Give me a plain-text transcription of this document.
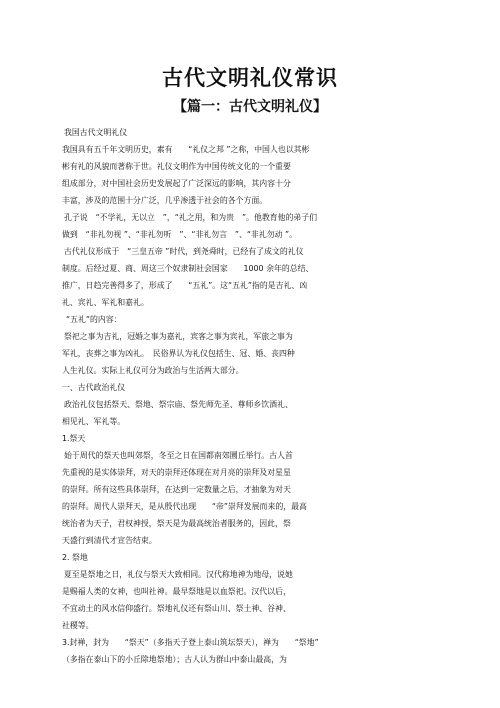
古代文明礼仪常识
【篇一：古代文明礼仪】
我国古代文明礼仪
我国具有五千年文明历史，素有　　“礼仪之邦 ”之称，中国人也以其彬
彬有礼的风貌而著称于世。礼仪文明作为中国传统文化的一个重要
组成部分，对中国社会历史发展起了广泛深远的影响，其内容十分
丰富，涉及的范围十分广泛，几乎渗透于社会的各个方面。
孔子说　“不学礼，无以立　”，“礼之用，和为贵　”。他教育他的弟子们
做到　“非礼勿视 ”、“非礼勿听　”、“非礼勿言　”、“非礼勿动 ”。
古代礼仪形成于　“三皇五帝 ”时代，到尧舜时，已经有了成文的礼仪
制度。后经过夏、商、周这三个奴隶制社会国家　　1000 余年的总结、
推广，日趋完善得多了，形成了　　“五礼”。这“五礼”指的是吉礼、凶
礼、宾礼、军礼和嘉礼。
“五礼”的内容：
祭祀之事为吉礼，冠婚之事为嘉礼，宾客之事为宾礼，军旅之事为
军礼，丧葬之事为凶礼。　民俗界认为礼仪包括生、冠、婚、丧四种
人生礼仪。实际上礼仪可分为政治与生活两大部分。
一、古代政治礼仪
政治礼仪包括祭天、祭地、祭宗庙、祭先师先圣、尊师乡饮酒礼、
相见礼、军礼等。
1.祭天
始于周代的祭天也叫郊祭，冬至之日在国都南郊圜丘举行。古人首
先重视的是实体崇拜，对天的崇拜还体现在对月亮的崇拜及对星星
的崇拜。所有这些具体崇拜，在达到一定数量之后，才抽象为对天
的崇拜。周代人崇拜天，是从殷代出现　　“帝”崇拜发展而来的，最高
统治者为天子，君权神授，祭天是为最高统治者服务的，因此，祭
天盛行到清代才宣告结束。
2. 祭地
夏至是祭地之日，礼仪与祭天大致相同。汉代称地神为地母，说她
是赐福人类的女神，也叫社神。最早祭地是以血祭祀。汉代以后，
不宜动土的风水信仰盛行。祭地礼仪还有祭山川、祭土神、谷神、
社稷等。
3.封禅，封为　　“祭天”（多指天子登上泰山筑坛祭天），禅为　　“祭地”
（多指在泰山下的小丘除地祭地）；古人认为群山中泰山最高，为
